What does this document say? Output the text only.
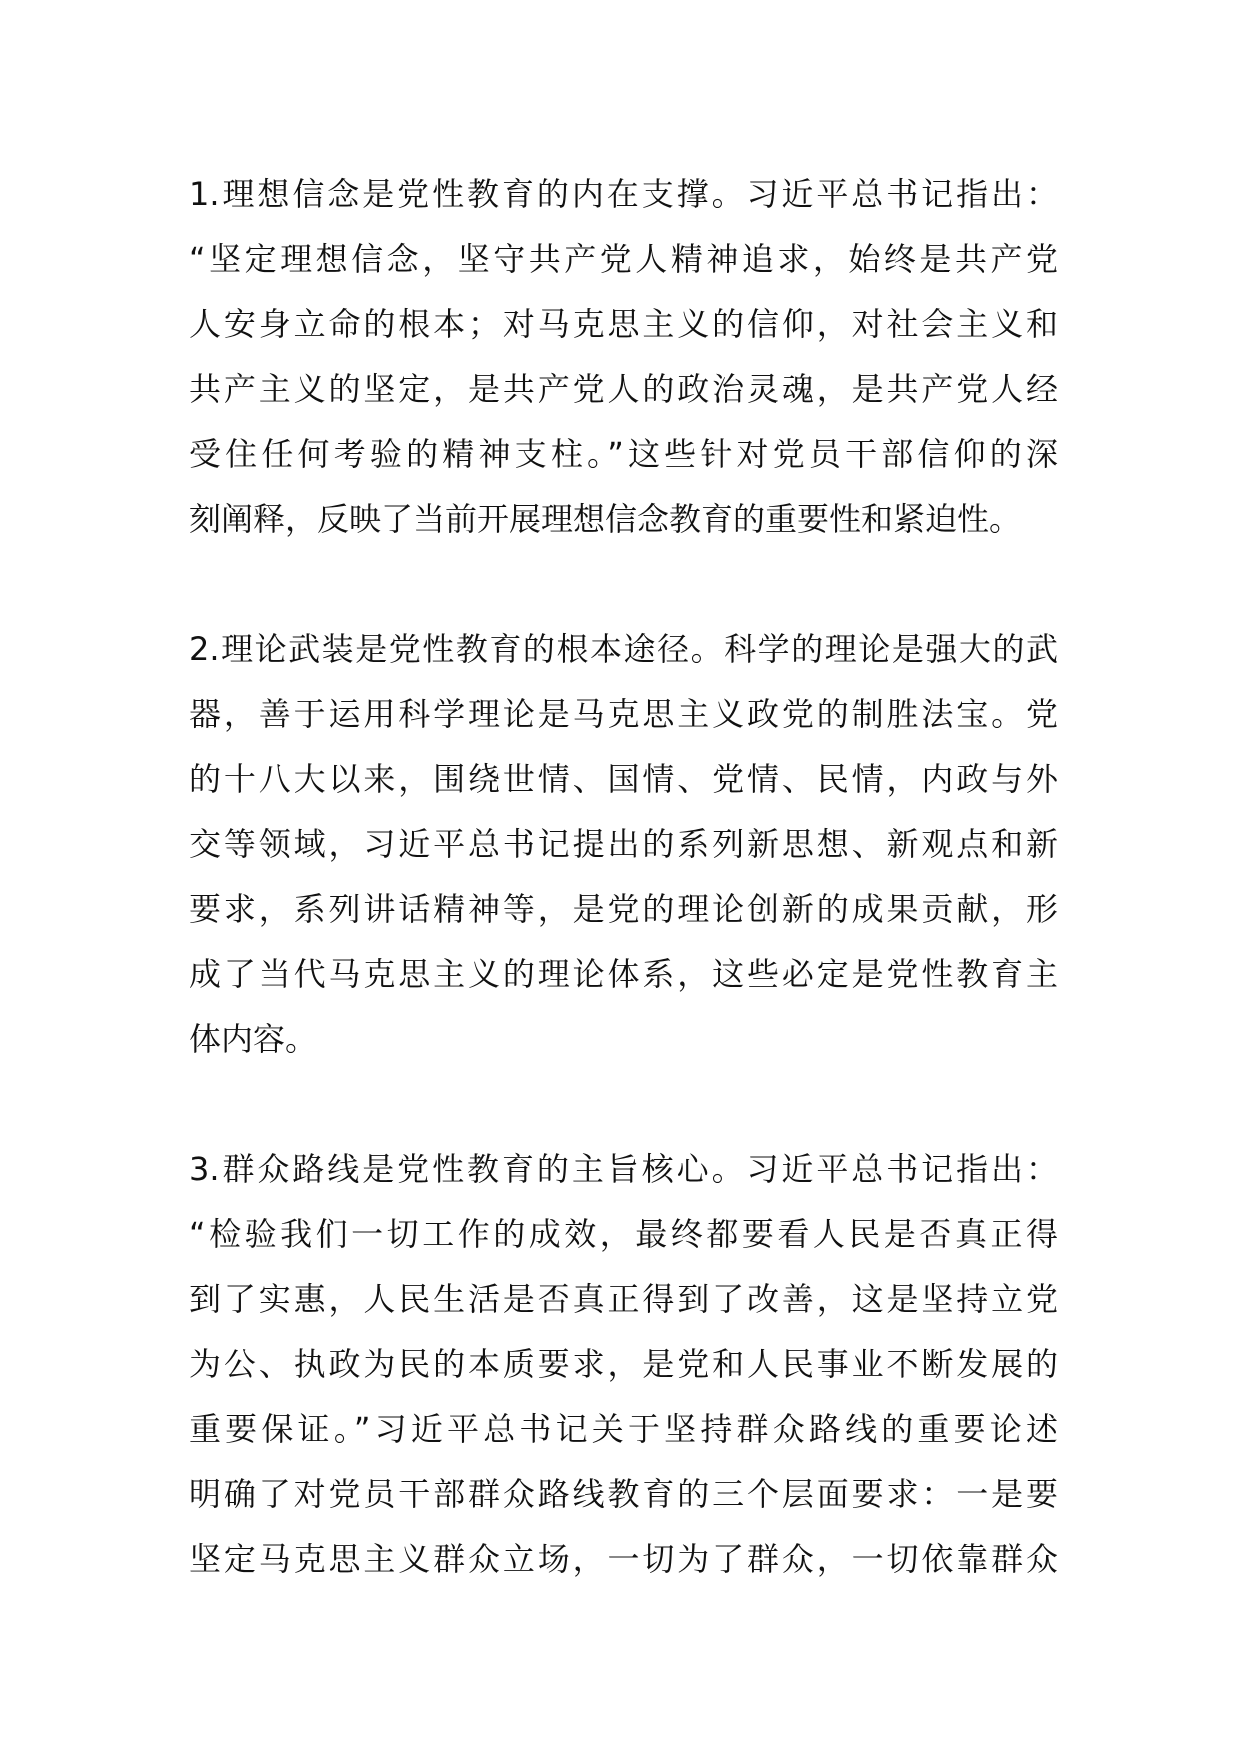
1.理想信念是党性教育的内在支撑。习近平总书记指出：
“坚定理想信念，坚守共产党人精神追求，始终是共产党
人安身立命的根本；对马克思主义的信仰，对社会主义和
共产主义的坚定，是共产党人的政治灵魂，是共产党人经
受住任何考验的精神支柱。”这些针对党员干部信仰的深
刻阐释，反映了当前开展理想信念教育的重要性和紧迫性。

2.理论武装是党性教育的根本途径。科学的理论是强大的武
器，善于运用科学理论是马克思主义政党的制胜法宝。党
的十八大以来，围绕世情、国情、党情、民情，内政与外
交等领域，习近平总书记提出的系列新思想、新观点和新
要求，系列讲话精神等，是党的理论创新的成果贡献，形
成了当代马克思主义的理论体系，这些必定是党性教育主
体内容。

3.群众路线是党性教育的主旨核心。习近平总书记指出：
“检验我们一切工作的成效，最终都要看人民是否真正得
到了实惠，人民生活是否真正得到了改善，这是坚持立党
为公、执政为民的本质要求，是党和人民事业不断发展的
重要保证。”习近平总书记关于坚持群众路线的重要论述
明确了对党员干部群众路线教育的三个层面要求：一是要
坚定马克思主义群众立场，一切为了群众，一切依靠群众
